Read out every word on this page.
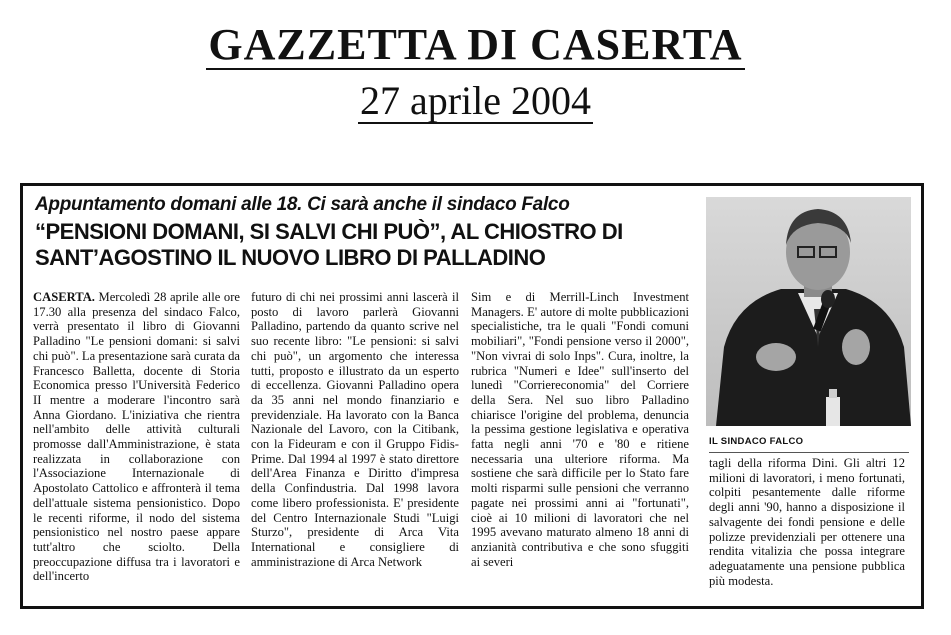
GAZZETTA DI CASERTA
27 aprile 2004
Appuntamento domani alle 18. Ci sarà anche il sindaco Falco
“PENSIONI DOMANI, SI SALVI CHI PUÒ”, AL CHIOSTRO DI SANT’AGOSTINO IL NUOVO LIBRO DI PALLADINO
IL SINDACO FALCO
CASERTA. Mercoledì 28 aprile alle ore 17.30 alla presenza del sindaco Falco, verrà presentato il libro di Giovanni Palladino "Le pensioni domani: si salvi chi può". La presentazione sarà curata da Francesco Balletta, docente di Storia Economica presso l'Università Federico II mentre a moderare l'incontro sarà Anna Giordano. L'iniziativa che rientra nell'ambito delle attività culturali promosse dall'Amministrazione, è stata realizzata in collaborazione con l'Associazione Internazionale di Apostolato Cattolico e affronterà il tema dell'attuale sistema pensionistico. Dopo le recenti riforme, il nodo del sistema pensionistico nel nostro paese appare tutt'altro che sciolto. Della preoccupazione diffusa tra i lavoratori e dell'incerto
futuro di chi nei prossimi anni lascerà il posto di lavoro parlerà Giovanni Palladino, partendo da quanto scrive nel suo recente libro: "Le pensioni: si salvi chi può", un argomento che interessa tutti, proposto e illustrato da un esperto di eccellenza. Giovanni Palladino opera da 35 anni nel mondo finanziario e previdenziale. Ha lavorato con la Banca Nazionale del Lavoro, con la Citibank, con la Fideuram e con il Gruppo Fidis-Prime. Dal 1994 al 1997 è stato direttore dell'Area Finanza e Diritto d'impresa della Confindustria. Dal 1998 lavora come libero professionista. E' presidente del Centro Internazionale Studi "Luigi Sturzo", presidente di Arca Vita International e consigliere di amministrazione di Arca Network
Sim e di Merrill-Linch Investment Managers. E' autore di molte pubblicazioni specialistiche, tra le quali "Fondi comuni mobiliari", "Fondi pensione verso il 2000", "Non vivrai di solo Inps". Cura, inoltre, la rubrica "Numeri e Idee" sull'inserto del lunedì "Corriereconomia" del Corriere della Sera. Nel suo libro Palladino chiarisce l'origine del problema, denuncia la pessima gestione legislativa e operativa fatta negli anni '70 e '80 e ritiene necessaria una ulteriore riforma. Ma sostiene che sarà difficile per lo Stato fare molti risparmi sulle pensioni che verranno pagate nei prossimi anni ai "fortunati", cioè ai 10 milioni di lavoratori che nel 1995 avevano maturato almeno 18 anni di anzianità contributiva e che sono sfuggiti ai severi
tagli della riforma Dini. Gli altri 12 milioni di lavoratori, i meno fortunati, colpiti pesantemente dalle riforme degli anni '90, hanno a disposizione il salvagente dei fondi pensione e delle polizze previdenziali per ottenere una rendita vitalizia che possa integrare adeguatamente una pensione pubblica più modesta.
